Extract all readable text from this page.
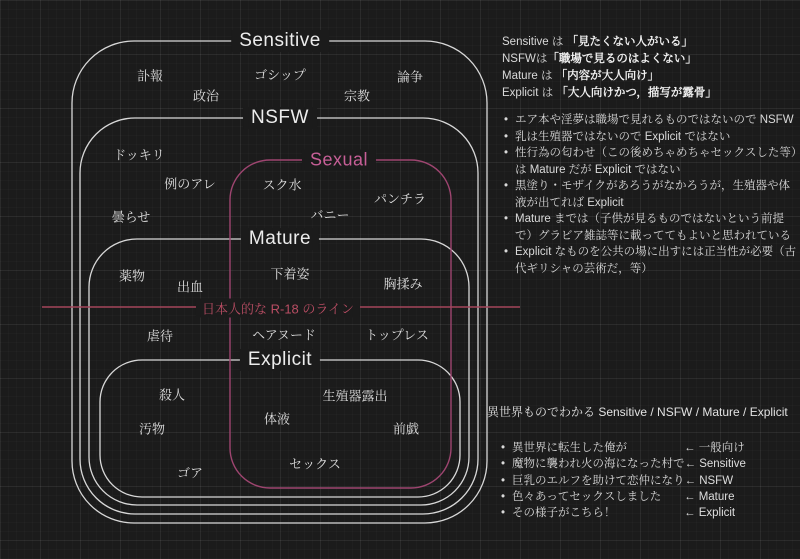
Sensitive
NSFW
Mature
Explicit
Sexual
日本人的な R-18 のライン
訃報	ゴシップ	論争
政治	宗教
ドッキリ
例のアレ
曇らせ
スク水
パンチラ
バニー
薬物
出血
下着姿
胸揉み
虐待	ヘアヌード	トップレス
殺人	生殖器露出
体液
汚物	前戯
ゴア
セックス
Sensitive は 「見たくない人がいる」
NSFWは「職場で見るのはよくない」
Mature は 「内容が大人向け」
Explicit は 「大人向けかつ，描写が露骨」
• エア本や淫夢は職場で見れるものではないので NSFW
• 乳は生殖器ではないので Explicit ではない
• 性行為の匂わせ（この後めちゃめちゃセックスした等）は Mature だが Explicit ではない
• 黒塗り・モザイクがあろうがなかろうが，生殖器や体液が出てれば Explicit
• Mature までは（子供が見るものではないという前提で）グラビア雑誌等に載っててもよいと思われている
• Explicit なものを公共の場に出すには正当性が必要（古代ギリシャの芸術だ，等）
異世界ものでわかる Sensitive / NSFW / Mature / Explicit
• 異世界に転生した俺が	← 一般向け
• 魔物に襲われ火の海になった村で ← Sensitive
• 巨乳のエルフを助けて恋仲になり ← NSFW
• 色々あってセックスしました	← Mature
• その様子がこちら！	← Explicit
